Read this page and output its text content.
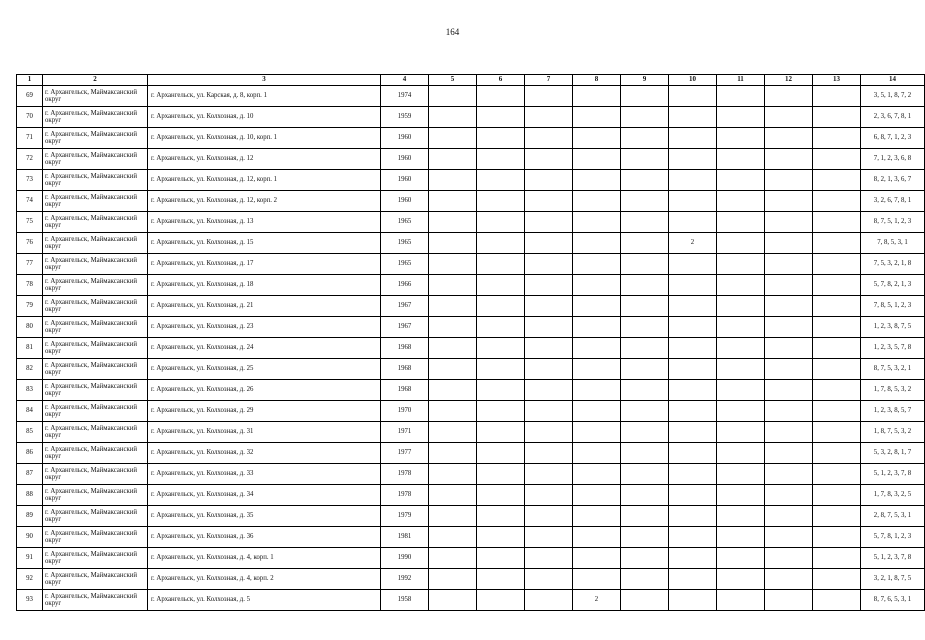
164
1	2	3	4	5	6	7	8	9	10	11	12	13	14
69	г. Архангельск, Маймаксанский округ	г. Архангельск, ул. Карская, д. 8, корп. 1	1974										3, 5, 1, 8, 7, 2
70	г. Архангельск, Маймаксанский округ	г. Архангельск, ул. Колхозная, д. 10	1959										2, 3, 6, 7, 8, 1
71	г. Архангельск, Маймаксанский округ	г. Архангельск, ул. Колхозная, д. 10, корп. 1	1960										6, 8, 7, 1, 2, 3
72	г. Архангельск, Маймаксанский округ	г. Архангельск, ул. Колхозная, д. 12	1960										7, 1, 2, 3, 6, 8
73	г. Архангельск, Маймаксанский округ	г. Архангельск, ул. Колхозная, д. 12, корп. 1	1960										8, 2, 1, 3, 6, 7
74	г. Архангельск, Маймаксанский округ	г. Архангельск, ул. Колхозная, д. 12, корп. 2	1960										3, 2, 6, 7, 8, 1
75	г. Архангельск, Маймаксанский округ	г. Архангельск, ул. Колхозная, д. 13	1965										8, 7, 5, 1, 2, 3
76	г. Архангельск, Маймаксанский округ	г. Архангельск, ул. Колхозная, д. 15	1965						2				7, 8, 5, 3, 1
77	г. Архангельск, Маймаксанский округ	г. Архангельск, ул. Колхозная, д. 17	1965										7, 5, 3, 2, 1, 8
78	г. Архангельск, Маймаксанский округ	г. Архангельск, ул. Колхозная, д. 18	1966										5, 7, 8, 2, 1, 3
79	г. Архангельск, Маймаксанский округ	г. Архангельск, ул. Колхозная, д. 21	1967										7, 8, 5, 1, 2, 3
80	г. Архангельск, Маймаксанский округ	г. Архангельск, ул. Колхозная, д. 23	1967										1, 2, 3, 8, 7, 5
81	г. Архангельск, Маймаксанский округ	г. Архангельск, ул. Колхозная, д. 24	1968										1, 2, 3, 5, 7, 8
82	г. Архангельск, Маймаксанский округ	г. Архангельск, ул. Колхозная, д. 25	1968										8, 7, 5, 3, 2, 1
83	г. Архангельск, Маймаксанский округ	г. Архангельск, ул. Колхозная, д. 26	1968										1, 7, 8, 5, 3, 2
84	г. Архангельск, Маймаксанский округ	г. Архангельск, ул. Колхозная, д. 29	1970										1, 2, 3, 8, 5, 7
85	г. Архангельск, Маймаксанский округ	г. Архангельск, ул. Колхозная, д. 31	1971										1, 8, 7, 5, 3, 2
86	г. Архангельск, Маймаксанский округ	г. Архангельск, ул. Колхозная, д. 32	1977										5, 3, 2, 8, 1, 7
87	г. Архангельск, Маймаксанский округ	г. Архангельск, ул. Колхозная, д. 33	1978										5, 1, 2, 3, 7, 8
88	г. Архангельск, Маймаксанский округ	г. Архангельск, ул. Колхозная, д. 34	1978										1, 7, 8, 3, 2, 5
89	г. Архангельск, Маймаксанский округ	г. Архангельск, ул. Колхозная, д. 35	1979										2, 8, 7, 5, 3, 1
90	г. Архангельск, Маймаксанский округ	г. Архангельск, ул. Колхозная, д. 36	1981										5, 7, 8, 1, 2, 3
91	г. Архангельск, Маймаксанский округ	г. Архангельск, ул. Колхозная, д. 4, корп. 1	1990										5, 1, 2, 3, 7, 8
92	г. Архангельск, Маймаксанский округ	г. Архангельск, ул. Колхозная, д. 4, корп. 2	1992										3, 2, 1, 8, 7, 5
93	г. Архангельск, Маймаксанский округ	г. Архангельск, ул. Колхозная, д. 5	1958				2						8, 7, 6, 5, 3, 1
